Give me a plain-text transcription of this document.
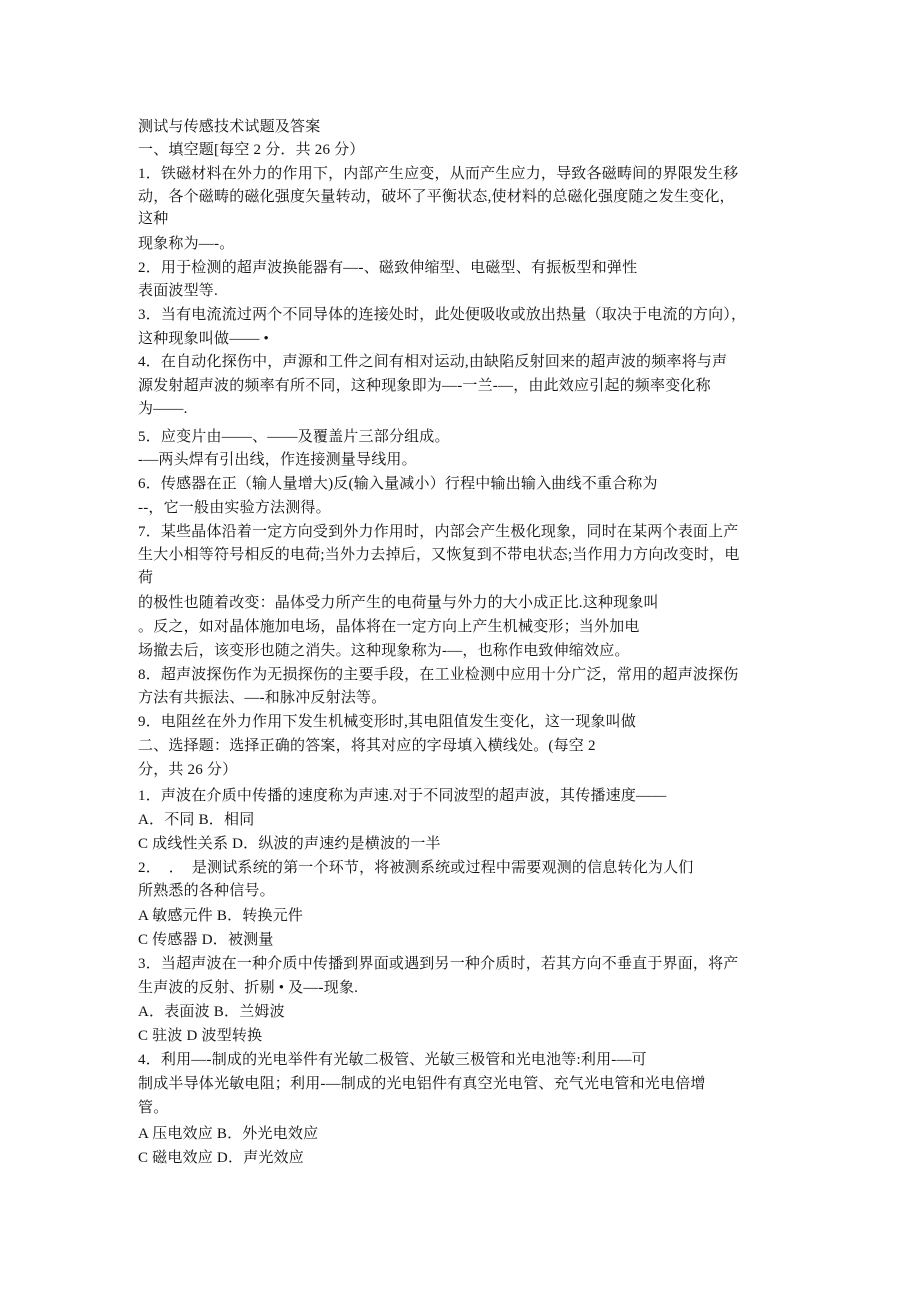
测试与传感技术试题及答案
一、填空题[每空 2 分．共 26 分）
1．铁磁材料在外力的作用下，内部产生应变，从而产生应力，导致各磁畴间的界限发生移
动，各个磁畴的磁化强度矢量转动，破坏了平衡状态,使材料的总磁化强度随之发生变化，
这种
现象称为—-。
2．用于检测的超声波换能器有—-、磁致伸缩型、电磁型、有振板型和弹性
表面波型等.
3．当有电流流过两个不同导体的连接处时，此处便吸收或放出热量（取决于电流的方向），
这种现象叫做—— •
4．在自动化探伤中，声源和工件之间有相对运动,由缺陷反射回来的超声波的频率将与声
源发射超声波的频率有所不同，这种现象即为—-一兰-—，由此效应引起的频率变化称
为——.
5．应变片由——、——及覆盖片三部分组成。
-—两头焊有引出线，作连接测量导线用。
6．传感器在正（输人量增大)反(输入量减小）行程中输出输入曲线不重合称为
--，它一般由实验方法测得。
7．某些晶体沿着一定方向受到外力作用时，内部会产生极化现象，同时在某两个表面上产
生大小相等符号相反的电荷;当外力去掉后，又恢复到不带电状态;当作用力方向改变时，电
荷
的极性也随着改变：晶体受力所产生的电荷量与外力的大小成正比.这种现象叫
。反之，如对晶体施加电场，晶体将在一定方向上产生机械变形；当外加电
场撤去后，该变形也随之消失。这种现象称为-—，也称作电致伸缩效应。
8．超声波探伤作为无损探伤的主要手段，在工业检测中应用十分广泛，常用的超声波探伤
方法有共振法、—-和脉冲反射法等。
9．电阻丝在外力作用下发生机械变形时,其电阻值发生变化，这一现象叫做
二、选择题：选择正确的答案，将其对应的字母填入横线处。(每空 2
分，共 26 分）
1．声波在介质中传播的速度称为声速.对于不同波型的超声波，其传播速度——
A．不同 B．相同
C 成线性关系 D．纵波的声速约是横波的一半
2．  ．  是测试系统的第一个环节，将被测系统或过程中需要观测的信息转化为人们
所熟悉的各种信号。
A 敏感元件 B．转换元件
C 传感器 D．被测量
3．当超声波在一种介质中传播到界面或遇到另一种介质时，若其方向不垂直于界面，将产
生声波的反射、折剔 • 及—-现象.
A．表面波 B．兰姆波
C 驻波 D 波型转换
4．利用—-制成的光电举件有光敏二极管、光敏三极管和光电池等:利用-—可
制成半导体光敏电阻；利用-—制成的光电铝件有真空光电管、充气光电管和光电倍增
管。
A 压电效应 B．外光电效应
C 磁电效应 D．声光效应
